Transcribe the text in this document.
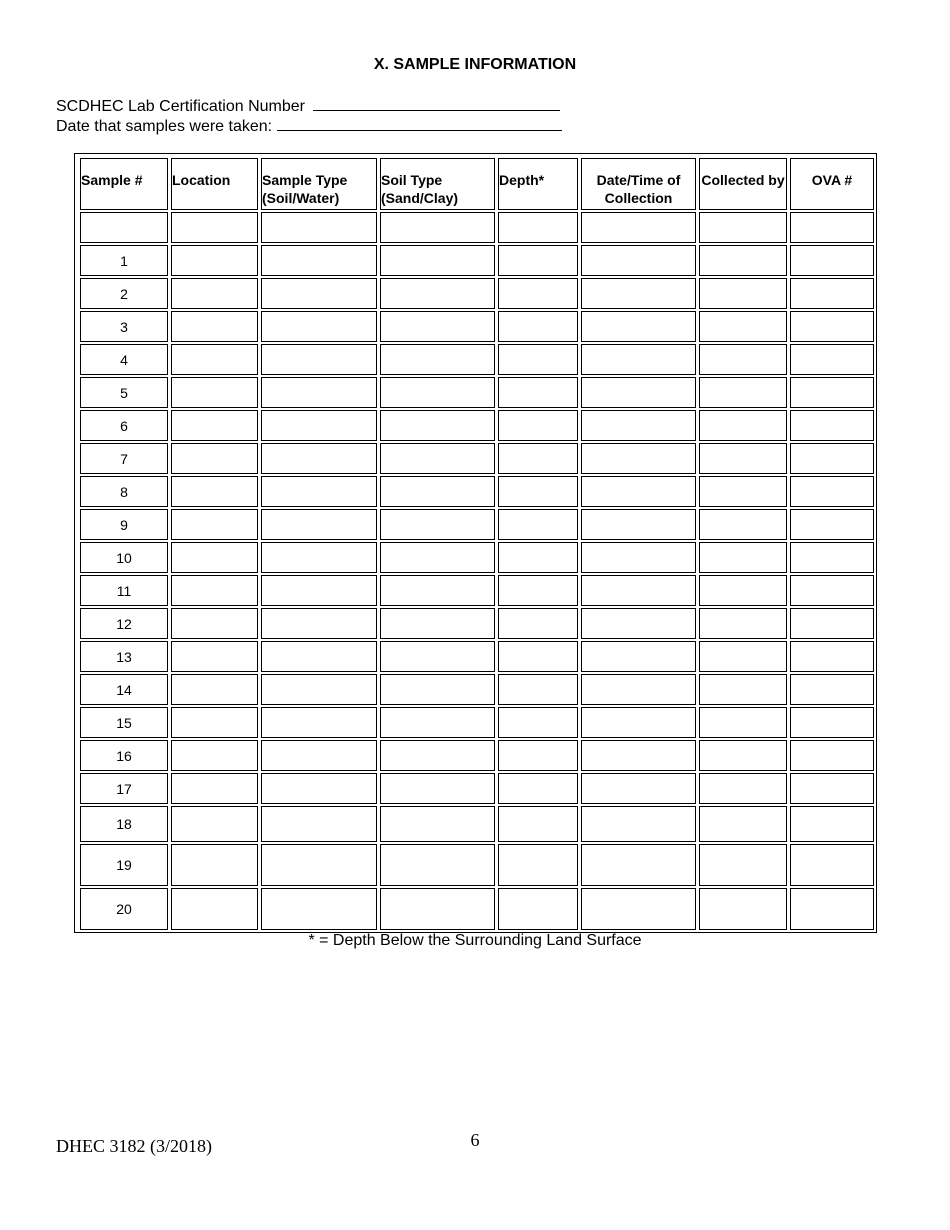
X. SAMPLE INFORMATION
SCDHEC Lab Certification Number
Date that samples were taken:
Sample #	Location	Sample Type (Soil/Water)	Soil Type (Sand/Clay)	Depth*	Date/Time of Collection	Collected by	OVA #

1							
2							
3							
4							
5							
6							
7							
8							
9							
10							
11							
12							
13							
14							
15							
16							
17							
18							
19							
20							
* = Depth Below the Surrounding Land Surface
DHEC 3182 (3/2018)	6
